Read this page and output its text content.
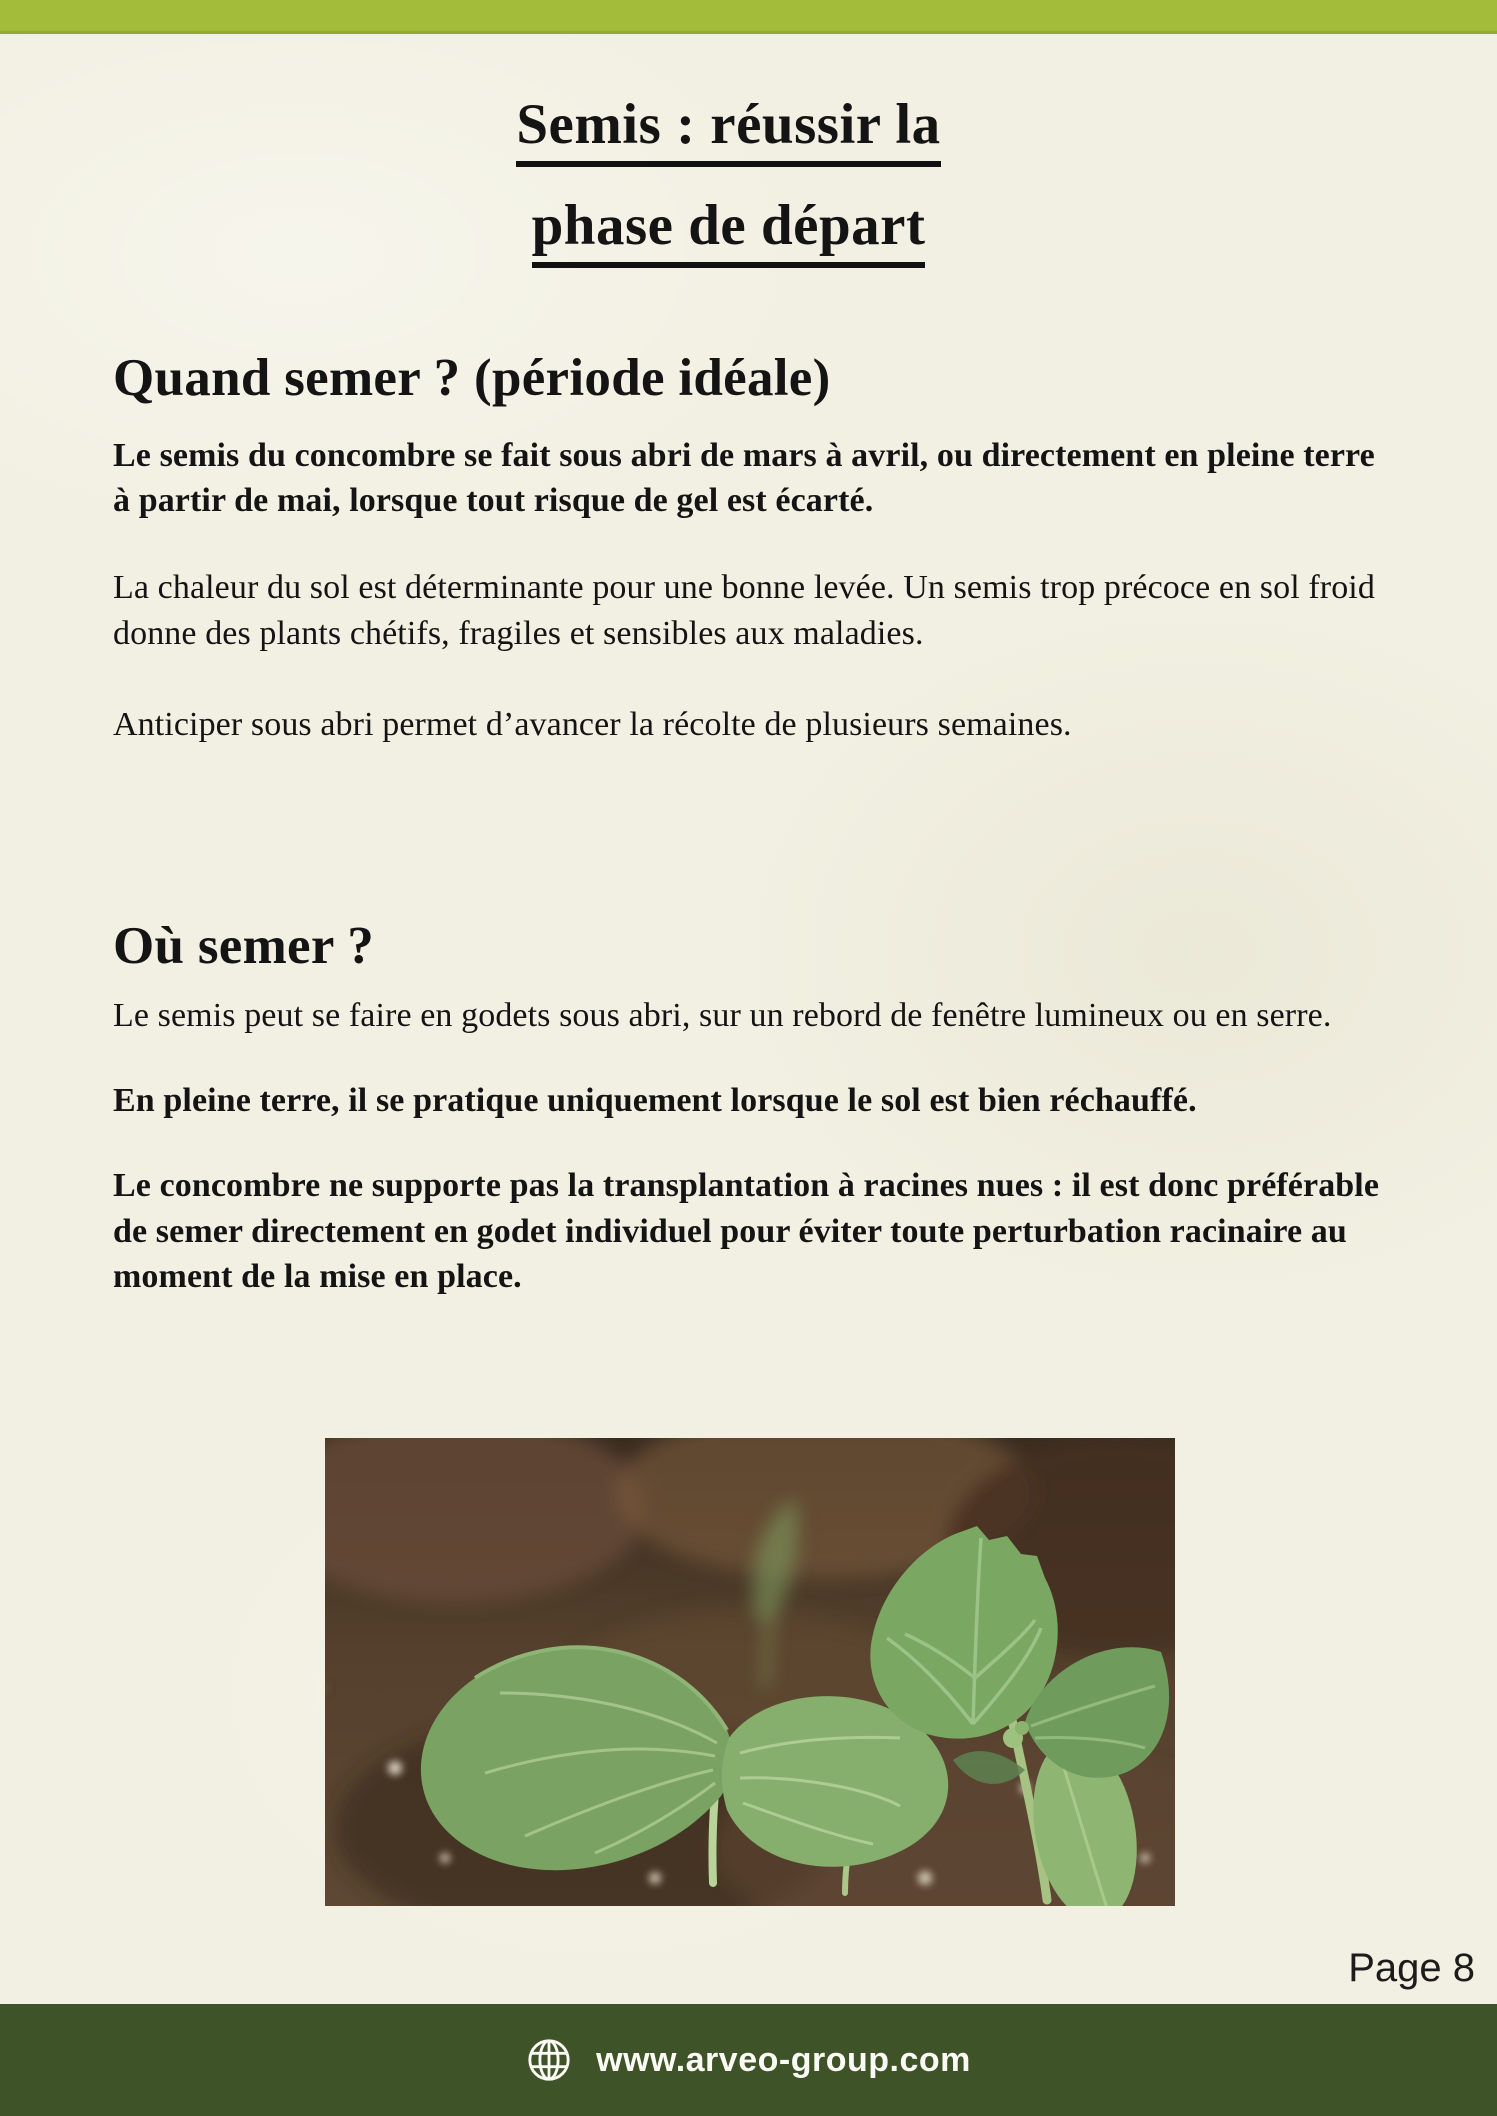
Semis : réussir la
phase de départ
Quand semer ? (période idéale)

Le semis du concombre se fait sous abri de mars à avril, ou directement en pleine terre à partir de mai, lorsque tout risque de gel est écarté.

La chaleur du sol est déterminante pour une bonne levée. Un semis trop précoce en sol froid donne des plants chétifs, fragiles et sensibles aux maladies.

Anticiper sous abri permet d’avancer la récolte de plusieurs semaines.

Où semer ?

Le semis peut se faire en godets sous abri, sur un rebord de fenêtre lumineux ou en serre.

En pleine terre, il se pratique uniquement lorsque le sol est bien réchauffé.

Le concombre ne supporte pas la transplantation à racines nues : il est donc préférable de semer directement en godet individuel pour éviter toute perturbation racinaire au moment de la mise en place.

Page 8
www.arveo-group.com
